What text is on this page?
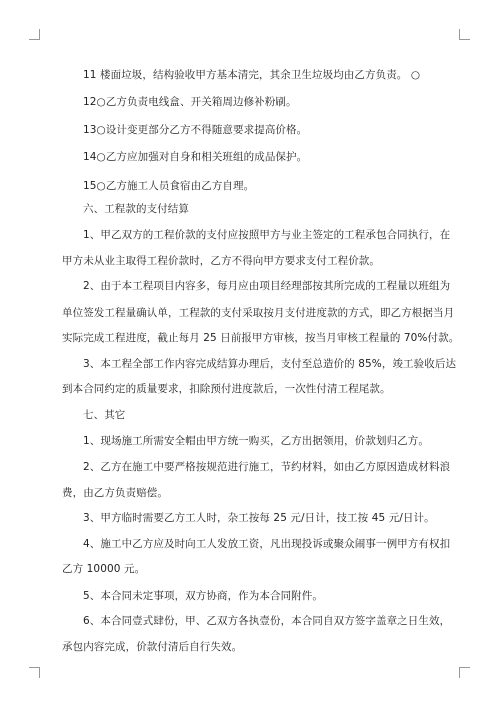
11 楼面垃圾，结构验收甲方基本清完，其余卫生垃圾均由乙方负责。 ○
12○乙方负责电线盒、开关箱周边修补粉刷。
13○设计变更部分乙方不得随意要求提高价格。
14○乙方应加强对自身和相关班组的成品保护。
15○乙方施工人员食宿由乙方自理。
六、工程款的支付结算
1、甲乙双方的工程价款的支付应按照甲方与业主签定的工程承包合同执行，在
甲方未从业主取得工程价款时，乙方不得向甲方要求支付工程价款。
2、由于本工程项目内容多，每月应由项目经理部按其所完成的工程量以班组为
单位签发工程量确认单，工程款的支付采取按月支付进度款的方式，即乙方根据当月
实际完成工程进度，截止每月 25 日前报甲方审核，按当月审核工程量的 70%付款。
3、本工程全部工作内容完成结算办理后，支付至总造价的 85%，竣工验收后达
到本合同约定的质量要求，扣除预付进度款后，一次性付清工程尾款。
七、其它
1、现场施工所需安全帽由甲方统一购买，乙方出据领用，价款划归乙方。
2、乙方在施工中要严格按规范进行施工，节约材料，如由乙方原因造成材料浪
费，由乙方负责赔偿。
3、甲方临时需要乙方工人时，杂工按每 25 元/日计，技工按 45 元/日计。
4、施工中乙方应及时向工人发放工资，凡出现投诉或聚众闹事一例甲方有权扣
乙方 10000 元。
5、本合同未定事项，双方协商，作为本合同附件。
6、本合同壹式肆份，甲、乙双方各执壹份，本合同自双方签字盖章之日生效，
承包内容完成，价款付清后自行失效。
